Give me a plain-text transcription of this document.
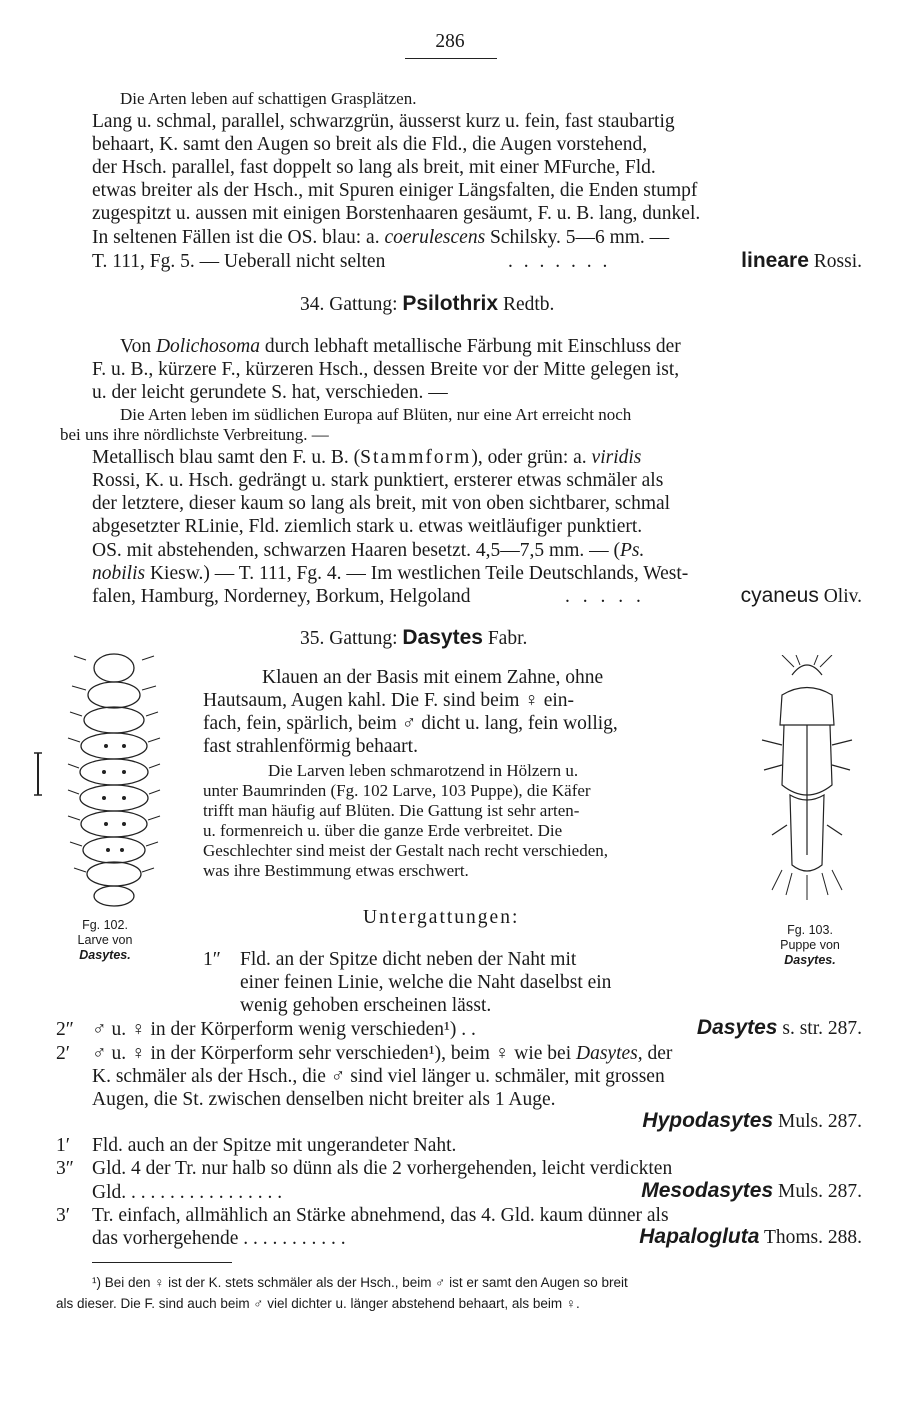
286
Die Arten leben auf schattigen Grasplätzen.
Lang u. schmal, parallel, schwarzgrün, äusserst kurz u. fein, fast staubartig
behaart, K. samt den Augen so breit als die Fld., die Augen vorstehend,
der Hsch. parallel, fast doppelt so lang als breit, mit einer MFurche, Fld.
etwas breiter als der Hsch., mit Spuren einiger Längsfalten, die Enden stumpf
zugespitzt u. aussen mit einigen Borstenhaaren gesäumt, F. u. B. lang, dunkel.
In seltenen Fällen ist die OS. blau: a. coerulescens Schilsky. 5—6 mm. —
T. 111, Fg. 5. — Ueberall nicht selten	. . . . . . .	lineare Rossi.
34. Gattung: Psilothrix Redtb.
Von Dolichosoma durch lebhaft metallische Färbung mit Einschluss der
F. u. B., kürzere F., kürzeren Hsch., dessen Breite vor der Mitte gelegen ist,
u. der leicht gerundete S. hat, verschieden. —
Die Arten leben im südlichen Europa auf Blüten, nur eine Art erreicht noch
bei uns ihre nördlichste Verbreitung. —
Metallisch blau samt den F. u. B. (Stammform), oder grün: a. viridis
Rossi, K. u. Hsch. gedrängt u. stark punktiert, ersterer etwas schmäler als
der letztere, dieser kaum so lang als breit, mit von oben sichtbarer, schmal
abgesetzter RLinie, Fld. ziemlich stark u. etwas weitläufiger punktiert.
OS. mit abstehenden, schwarzen Haaren besetzt. 4,5—7,5 mm. — (Ps.
nobilis Kiesw.) — T. 111, Fg. 4. — Im westlichen Teile Deutschlands, West-
falen, Hamburg, Norderney, Borkum, Helgoland	. . . . .	cyaneus Oliv.
35. Gattung: Dasytes Fabr.
Fg. 102.
Larve von
Dasytes.
Fg. 103.
Puppe von
Dasytes.
Klauen an der Basis mit einem Zahne, ohne
Hautsaum, Augen kahl. Die F. sind beim ♀ ein-
fach, fein, spärlich, beim ♂ dicht u. lang, fein wollig,
fast strahlenförmig behaart.
Die Larven leben schmarotzend in Hölzern u.
unter Baumrinden (Fg. 102 Larve, 103 Puppe), die Käfer
trifft man häufig auf Blüten. Die Gattung ist sehr arten-
u. formenreich u. über die ganze Erde verbreitet. Die
Geschlechter sind meist der Gestalt nach recht verschieden,
was ihre Bestimmung etwas erschwert.
Untergattungen:
1″ Fld. an der Spitze dicht neben der Naht mit
einer feinen Linie, welche die Naht daselbst ein
wenig gehoben erscheinen lässt.
2″ ♂ u. ♀ in der Körperform wenig verschieden¹) . .	Dasytes s. str. 287.
2′ ♂ u. ♀ in der Körperform sehr verschieden¹), beim ♀ wie bei Dasytes, der
K. schmäler als der Hsch., die ♂ sind viel länger u. schmäler, mit grossen
Augen, die St. zwischen denselben nicht breiter als 1 Auge.
Hypodasytes Muls. 287.
1′ Fld. auch an der Spitze mit ungerandeter Naht.
3″ Gld. 4 der Tr. nur halb so dünn als die 2 vorhergehenden, leicht verdickten
Gld. . . . . . . . . . . . . . . . .	Mesodasytes Muls. 287.
3′ Tr. einfach, allmählich an Stärke abnehmend, das 4. Gld. kaum dünner als
das vorhergehende . . . . . . . . . . .	Hapalogluta Thoms. 288.
¹) Bei den ♀ ist der K. stets schmäler als der Hsch., beim ♂ ist er samt den Augen so breit
als dieser. Die F. sind auch beim ♂ viel dichter u. länger abstehend behaart, als beim ♀.
